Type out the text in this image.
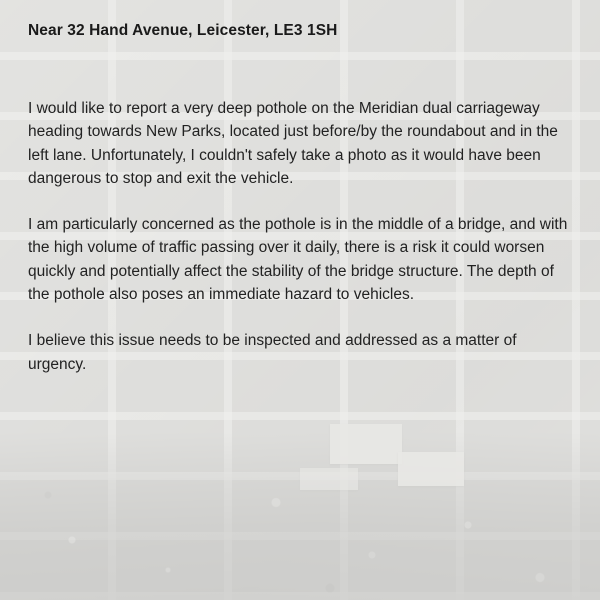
Near 32 Hand Avenue, Leicester, LE3 1SH

I would like to report a very deep pothole on the Meridian dual carriageway heading towards New Parks, located just before/by the roundabout and in the left lane. Unfortunately, I couldn't safely take a photo as it would have been dangerous to stop and exit the vehicle.

I am particularly concerned as the pothole is in the middle of a bridge, and with the high volume of traffic passing over it daily, there is a risk it could worsen quickly and potentially affect the stability of the bridge structure. The depth of the pothole also poses an immediate hazard to vehicles.

I believe this issue needs to be inspected and addressed as a matter of urgency.
